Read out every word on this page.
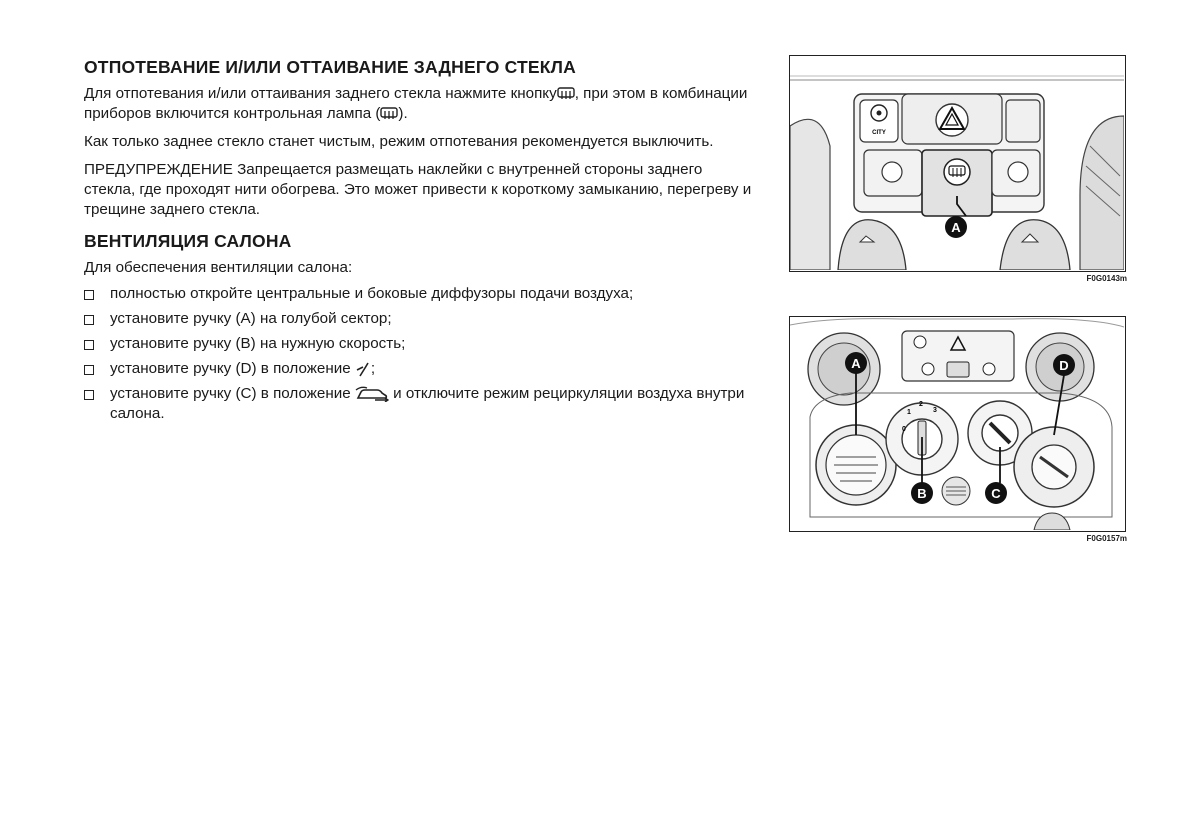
ОТПОТЕВАНИЕ И/ИЛИ ОТТАИВАНИЕ ЗАДНЕГО СТЕКЛА

Для отпотевания и/или оттаивания заднего стекла нажмите кнопку , при этом в комбинации приборов включится контрольная лампа ( ).

Как только заднее стекло станет чистым, режим отпотевания рекомендуется выключить.

ПРЕДУПРЕЖДЕНИЕ Запрещается размещать наклейки с внутренней стороны заднего стекла, где проходят нити обогрева. Это может привести к короткому замыканию, перегреву и трещине заднего стекла.

ВЕНТИЛЯЦИЯ САЛОНА

Для обеспечения вентиляции салона:

полностью откройте центральные и боковые диффузоры подачи воздуха;
установите ручку (A) на голубой сектор;
установите ручку (B) на нужную скорость;
установите ручку (D) в положение ;
установите ручку (C) в положение	и отключите режим рециркуляции воздуха внутри салона.
CITY
A
F0G0143m
0
1
2
3
A
B	C
D
F0G0157m
